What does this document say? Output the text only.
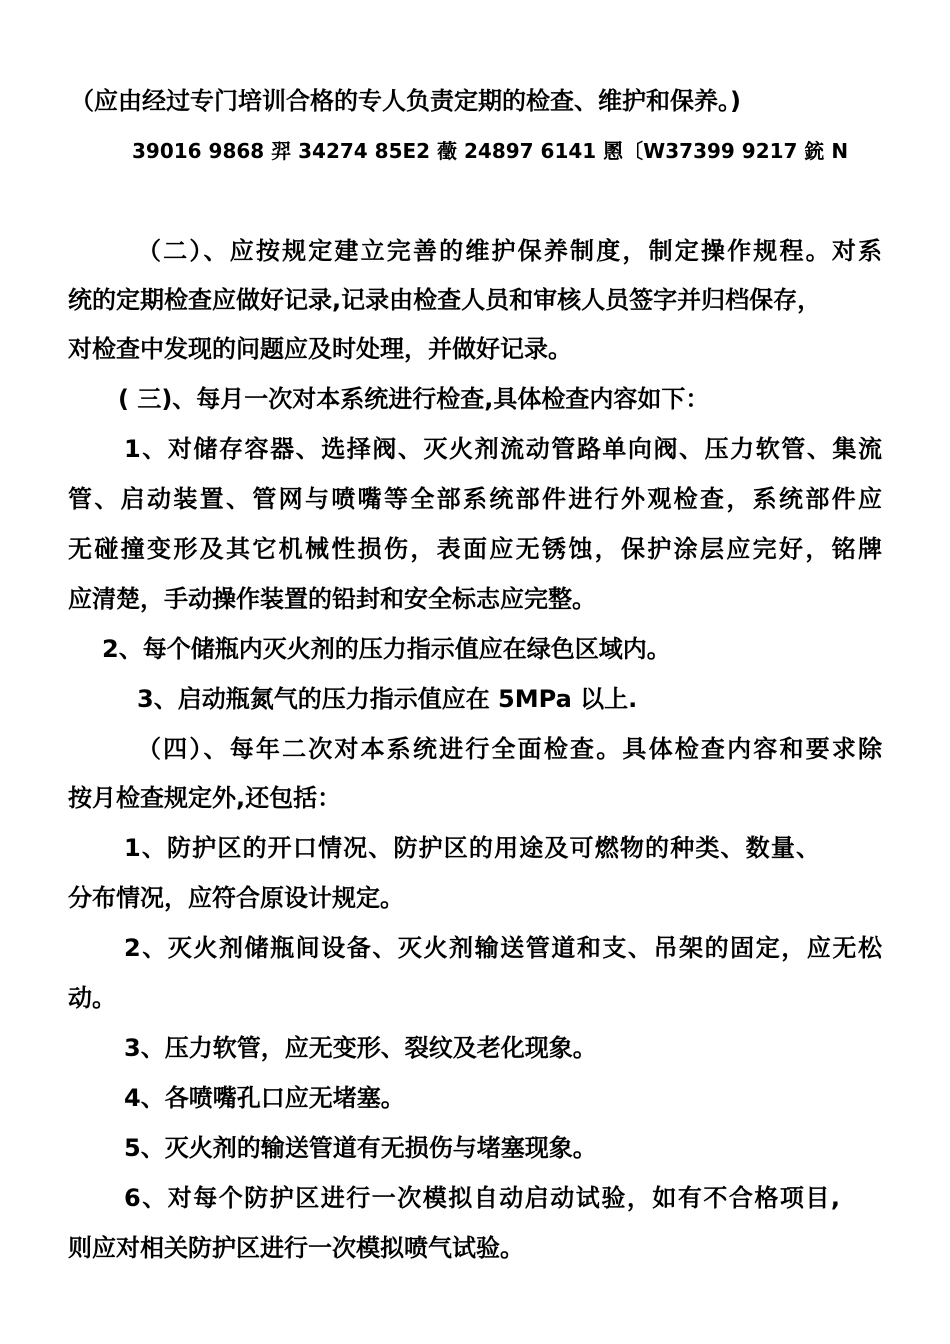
（应由经过专门培训合格的专人负责定期的检查、维护和保养。)
39016 9868 羿 34274 85E2 藢 24897 6141 慁〔W37399 9217 銃 N
（二）、应按规定建立完善的维护保养制度，制定操作规程。对系
统的定期检查应做好记录,记录由检查人员和审核人员签字并归档保存，
对检查中发现的问题应及时处理，并做好记录。
( 三)、每月一次对本系统进行检查,具体检查内容如下：
1、对储存容器、选择阀、灭火剂流动管路单向阀、压力软管、集流
管、启动装置、管网与喷嘴等全部系统部件进行外观检查，系统部件应
无碰撞变形及其它机械性损伤，表面应无锈蚀，保护涂层应完好，铭牌
应清楚，手动操作装置的铅封和安全标志应完整。
2、每个储瓶内灭火剂的压力指示值应在绿色区域内。
3、启动瓶氮气的压力指示值应在 5MPa 以上.
（四）、每年二次对本系统进行全面检查。具体检查内容和要求除
按月检查规定外,还包括：
1、防护区的开口情况、防护区的用途及可燃物的种类、数量、
分布情况，应符合原设计规定。
2、灭火剂储瓶间设备、灭火剂输送管道和支、吊架的固定，应无松
动。
3、压力软管，应无变形、裂纹及老化现象。
4、各喷嘴孔口应无堵塞。
5、灭火剂的输送管道有无损伤与堵塞现象。
6、对每个防护区进行一次模拟自动启动试验，如有不合格项目,
则应对相关防护区进行一次模拟喷气试验。
